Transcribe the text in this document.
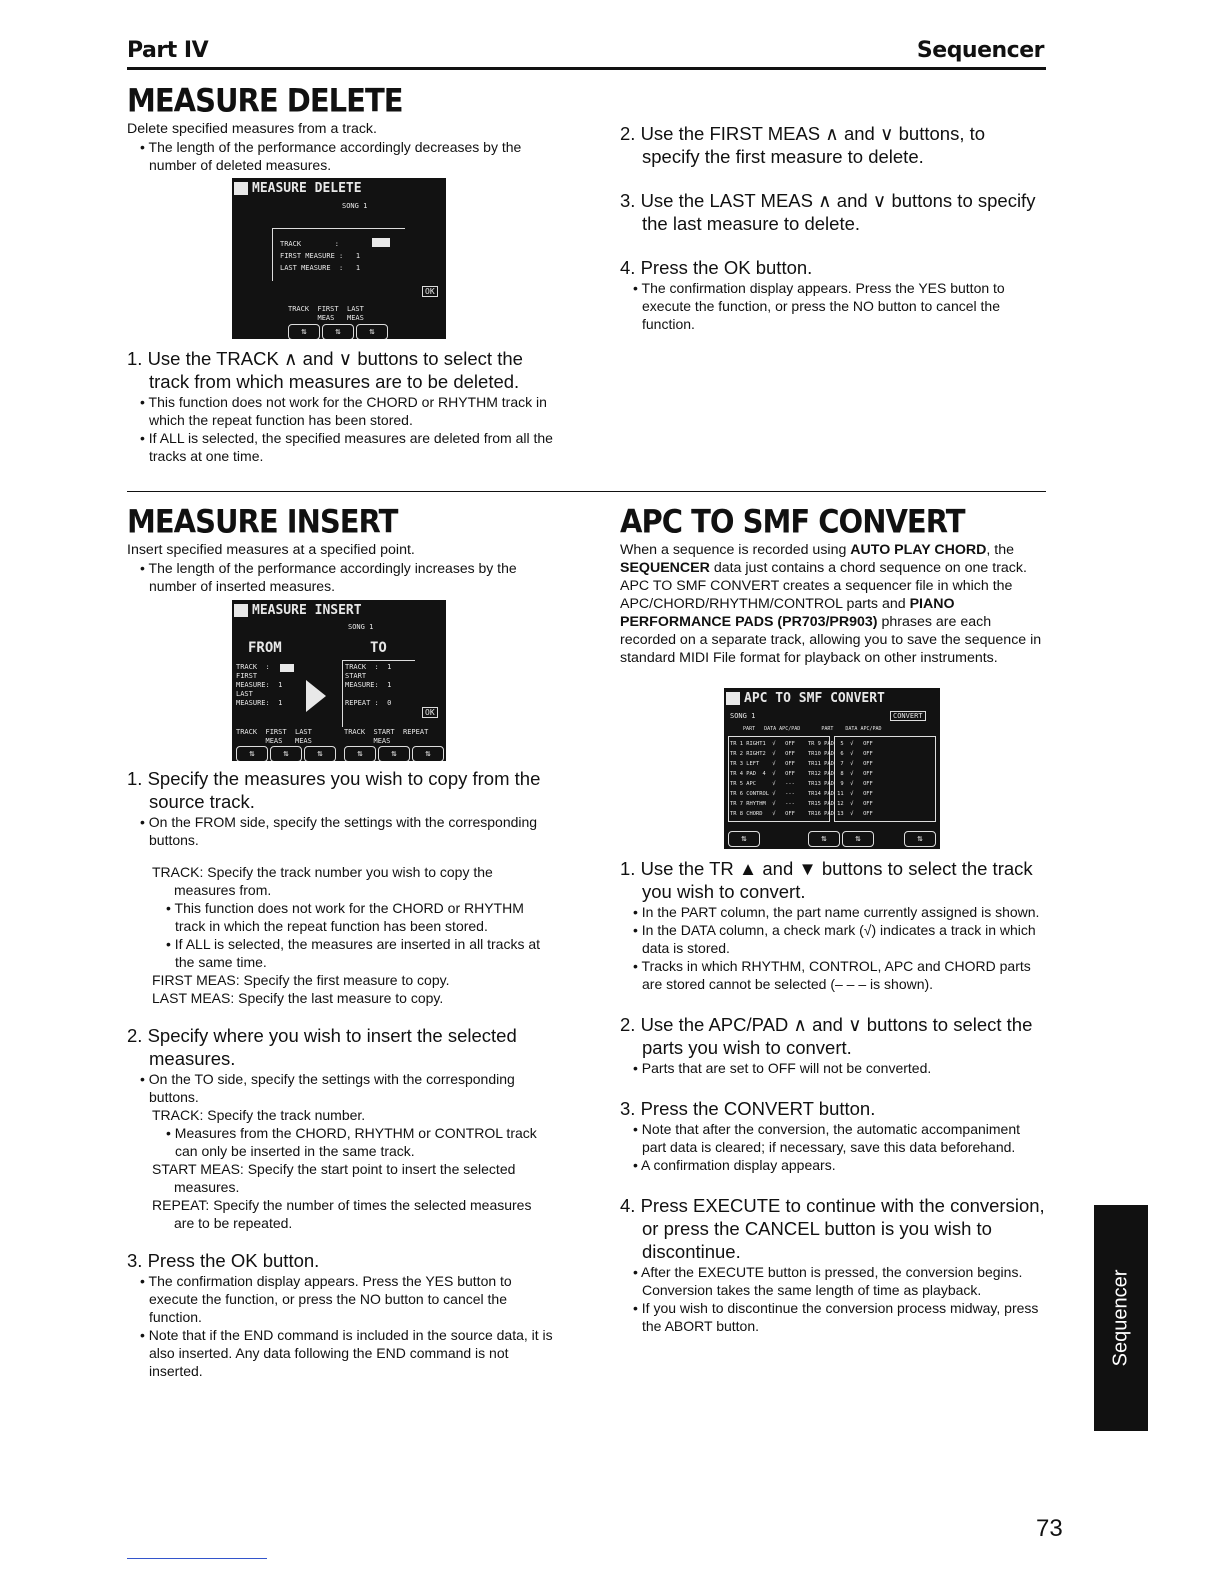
Part IV	Sequencer
MEASURE DELETE

Delete specified measures from a track.

• The length of the performance accordingly decreases by the number of deleted measures.

MEASURE DELETE
SONG 1
TRACK        :
FIRST MEASURE :   1
LAST MEASURE  :   1
OK
TRACK  FIRST  LAST
MEAS   MEAS
⇅	⇅	⇅

1. Use the TRACK ∧ and ∨ buttons to select the track from which measures are to be deleted.

• This function does not work for the CHORD or RHYTHM track in which the repeat function has been stored.

• If ALL is selected, the specified measures are deleted from all the tracks at one time.

2. Use the FIRST MEAS ∧ and ∨ buttons, to specify the first measure to delete.

3. Use the LAST MEAS ∧ and ∨ buttons to specify the last measure to delete.

4. Press the OK button.

• The confirmation display appears. Press the YES button to execute the function, or press the NO button to cancel the function.

MEASURE INSERT

Insert specified measures at a specified point.

• The length of the performance accordingly increases by the number of inserted measures.

MEASURE INSERT
SONG 1
FROM	TO
TRACK  :
FIRST
MEASURE:  1
LAST
MEASURE:  1
TRACK  :  1
START
MEASURE:  1

REPEAT :  0
OK
TRACK  FIRST  LAST
MEAS   MEAS
TRACK  START  REPEAT
MEAS
⇅	⇅	⇅	⇅	⇅	⇅

1. Specify the measures you wish to copy from the source track.

• On the FROM side, specify the settings with the corresponding buttons.

TRACK: Specify the track number you wish to copy the measures from.

• This function does not work for the CHORD or RHYTHM track in which the repeat function has been stored.

• If ALL is selected, the measures are inserted in all tracks at the same time.

FIRST MEAS: Specify the first measure to copy.

LAST MEAS: Specify the last measure to copy.

2. Specify where you wish to insert the selected measures.

• On the TO side, specify the settings with the corresponding buttons.

TRACK: Specify the track number.

• Measures from the CHORD, RHYTHM or CONTROL track can only be inserted in the same track.

START MEAS: Specify the start point to insert the selected measures.

REPEAT: Specify the number of times the selected measures are to be repeated.

3. Press the OK button.

• The confirmation display appears. Press the YES button to execute the function, or press the NO button to cancel the function.

• Note that if the END command is included in the source data, it is also inserted. Any data following the END command is not inserted.

APC TO SMF CONVERT

When a sequence is recorded using AUTO PLAY CHORD, the SEQUENCER data just contains a chord sequence on one track. APC TO SMF CONVERT creates a sequencer file in which the APC/CHORD/RHYTHM/CONTROL parts and PIANO PERFORMANCE PADS (PR703/PR903) phrases are each recorded on a separate track, allowing you to save the sequence in standard MIDI File format for playback on other instruments.

APC TO SMF CONVERT
SONG 1	CONVERT
PART   DATA APC/PAD       PART    DATA APC/PAD
TR 1 RIGHT1  √   OFF    TR 9 PAD  5  √   OFF
TR 2 RIGHT2  √   OFF    TR10 PAD  6  √   OFF
TR 3 LEFT    √   OFF    TR11 PAD  7  √   OFF
TR 4 PAD  4  √   OFF    TR12 PAD  8  √   OFF
TR 5 APC     √   ---    TR13 PAD  9  √   OFF
TR 6 CONTROL √   ---    TR14 PAD 11  √   OFF
TR 7 RHYTHM  √   ---    TR15 PAD 12  √   OFF
TR 8 CHORD   √   OFF    TR16 PAD 13  √   OFF
⇅	⇅	⇅	⇅

1. Use the TR ▲ and ▼ buttons to select the track you wish to convert.

• In the PART column, the part name currently assigned is shown.

• In the DATA column, a check mark (√) indicates a track in which data is stored.

• Tracks in which RHYTHM, CONTROL, APC and CHORD parts are stored cannot be selected (– – – is shown).

2. Use the APC/PAD ∧ and ∨ buttons to select the parts you wish to convert.

• Parts that are set to OFF will not be converted.

3. Press the CONVERT button.

• Note that after the conversion, the automatic accompaniment part data is cleared; if necessary, save this data beforehand.

• A confirmation display appears.

4. Press EXECUTE to continue with the conversion, or press the CANCEL button is you wish to discontinue.

• After the EXECUTE button is pressed, the conversion begins. Conversion takes the same length of time as playback.

• If you wish to discontinue the conversion process midway, press the ABORT button.	Sequencer
73
